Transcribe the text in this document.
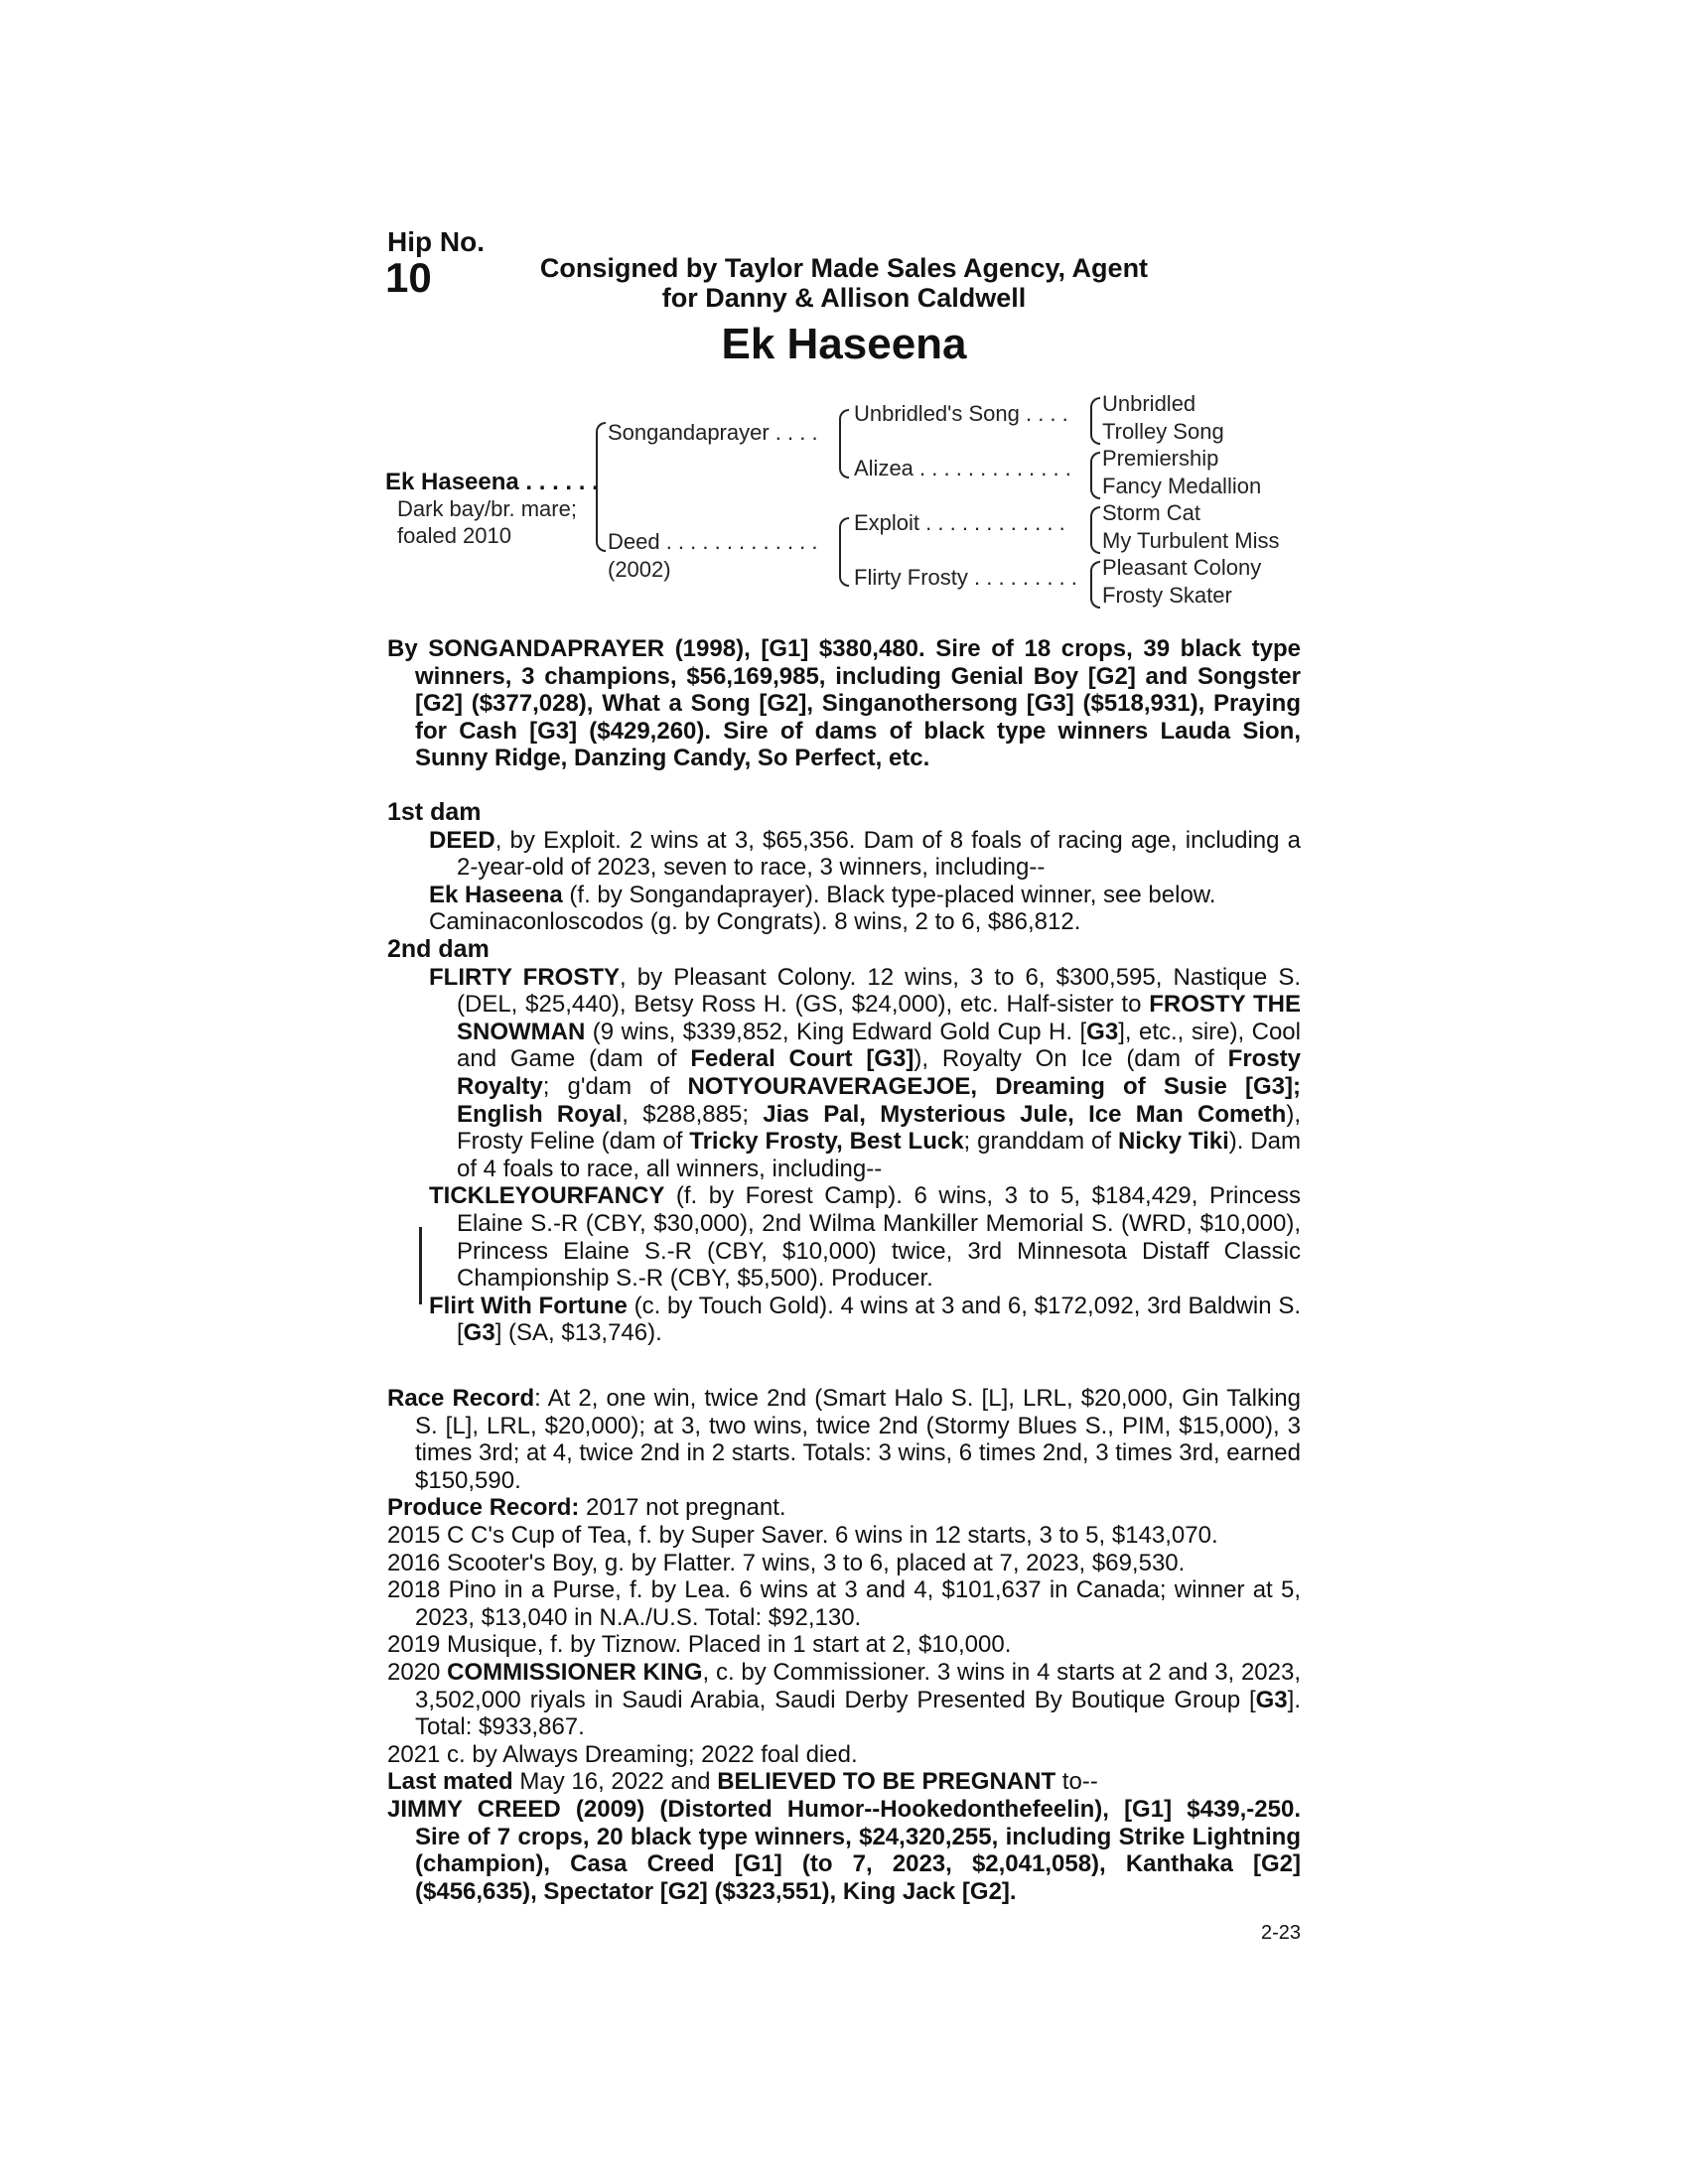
Hip No.
10	Consigned by Taylor Made Sales Agency, Agent
for Danny & Allison Caldwell
Ek Haseena
Ek Haseena . . . . . .
Dark bay/br. mare;
foaled 2010
Songandaprayer . . . .
Deed . . . . . . . . . . . . .
(2002)
Unbridled's Song . . . .
Alizea . . . . . . . . . . . . .
Exploit . . . . . . . . . . . .
Flirty Frosty . . . . . . . . .
Unbridled
Trolley Song
Premiership
Fancy Medallion
Storm Cat
My Turbulent Miss
Pleasant Colony
Frosty Skater

By SONGANDAPRAYER (1998), [G1] $380,480. Sire of 18 crops, 39 black type winners, 3 champions, $56,169,985, including Genial Boy [G2] and Songster [G2] ($377,028), What a Song [G2], Singanothersong [G3] ($518,931), Praying for Cash [G3] ($429,260). Sire of dams of black type winners Lauda Sion, Sunny Ridge, Danzing Candy, So Perfect, etc.

1st dam

DEED, by Exploit. 2 wins at 3, $65,356. Dam of 8 foals of racing age, including a 2-year-old of 2023, seven to race, 3 winners, including--

Ek Haseena (f. by Songandaprayer). Black type-placed winner, see below.

Caminaconloscodos (g. by Congrats). 8 wins, 2 to 6, $86,812.

2nd dam

FLIRTY FROSTY, by Pleasant Colony. 12 wins, 3 to 6, $300,595, Nastique S. (DEL, $25,440), Betsy Ross H. (GS, $24,000), etc. Half-sister to FROSTY THE SNOWMAN (9 wins, $339,852, King Edward Gold Cup H. [G3], etc., sire), Cool and Game (dam of Federal Court [G3]), Royalty On Ice (dam of Frosty Royalty; g'dam of NOTYOURAVERAGEJOE, Dreaming of Susie [G3]; English Royal, $288,885; Jias Pal, Mysterious Jule, Ice Man Cometh), Frosty Feline (dam of Tricky Frosty, Best Luck; granddam of Nicky Tiki). Dam of 4 foals to race, all winners, including--

TICKLEYOURFANCY (f. by Forest Camp). 6 wins, 3 to 5, $184,429, Princess Elaine S.-R (CBY, $30,000), 2nd Wilma Mankiller Memorial S. (WRD, $10,000), Princess Elaine S.-R (CBY, $10,000) twice, 3rd Minnesota Distaff Classic Championship S.-R (CBY, $5,500). Producer.

Flirt With Fortune (c. by Touch Gold). 4 wins at 3 and 6, $172,092, 3rd Baldwin S. [G3] (SA, $13,746).

Race Record: At 2, one win, twice 2nd (Smart Halo S. [L], LRL, $20,000, Gin Talking S. [L], LRL, $20,000); at 3, two wins, twice 2nd (Stormy Blues S., PIM, $15,000), 3 times 3rd; at 4, twice 2nd in 2 starts. Totals: 3 wins, 6 times 2nd, 3 times 3rd, earned $150,590.

Produce Record: 2017 not pregnant.

2015 C C's Cup of Tea, f. by Super Saver. 6 wins in 12 starts, 3 to 5, $143,070.

2016 Scooter's Boy, g. by Flatter. 7 wins, 3 to 6, placed at 7, 2023, $69,530.

2018 Pino in a Purse, f. by Lea. 6 wins at 3 and 4, $101,637 in Canada; winner at 5, 2023, $13,040 in N.A./U.S. Total: $92,130.

2019 Musique, f. by Tiznow. Placed in 1 start at 2, $10,000.

2020 COMMISSIONER KING, c. by Commissioner. 3 wins in 4 starts at 2 and 3, 2023, 3,502,000 riyals in Saudi Arabia, Saudi Derby Presented By Boutique Group [G3]. Total: $933,867.

2021 c. by Always Dreaming; 2022 foal died.

Last mated May 16, 2022 and BELIEVED TO BE PREGNANT to--

JIMMY CREED (2009) (Distorted Humor--Hookedonthefeelin), [G1] $439,-250. Sire of 7 crops, 20 black type winners, $24,320,255, including Strike Lightning (champion), Casa Creed [G1] (to 7, 2023, $2,041,058), Kanthaka [G2] ($456,635), Spectator [G2] ($323,551), King Jack [G2].

2-23
